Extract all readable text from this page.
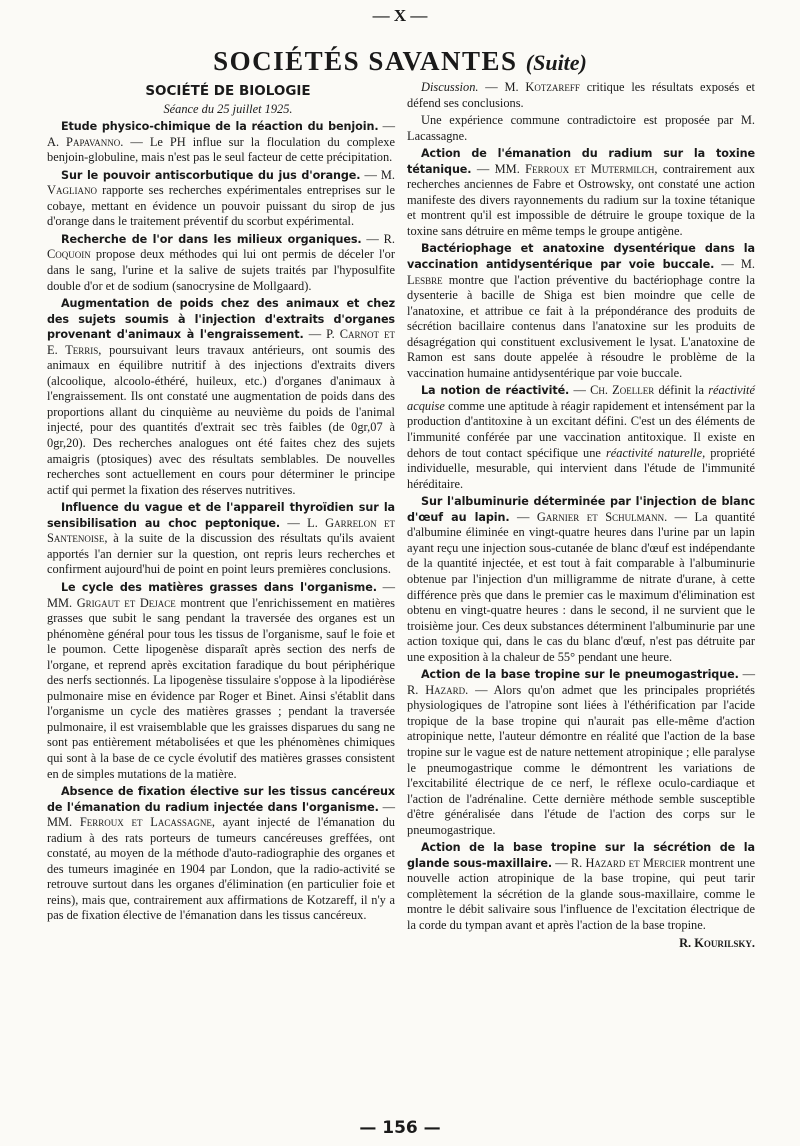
— X —
SOCIÉTÉS SAVANTES (Suite)

SOCIÉTÉ DE BIOLOGIE

Séance du 25 juillet 1925.

Etude physico-chimique de la réaction du benjoin. — A. Papavanno. — Le PH influe sur la floculation du complexe benjoin-globuline, mais n'est pas le seul facteur de cette précipitation.

Sur le pouvoir antiscorbutique du jus d'orange. — M. Vagliano rapporte ses recherches expérimentales entreprises sur le cobaye, mettant en évidence un pouvoir puissant du sirop de jus d'orange dans le traitement préventif du scorbut expérimental.

Recherche de l'or dans les milieux organiques. — R. Coquoin propose deux méthodes qui lui ont permis de déceler l'or dans le sang, l'urine et la salive de sujets traités par l'hyposulfite double d'or et de sodium (sanocrysine de Mollgaard).

Augmentation de poids chez des animaux et chez des sujets soumis à l'injection d'extraits d'organes provenant d'animaux à l'engraissement. — P. Carnot et E. Terris, poursuivant leurs travaux antérieurs, ont soumis des animaux en équilibre nutritif à des injections d'extraits divers (alcoolique, alcoolo-éthéré, huileux, etc.) d'organes d'animaux à l'engraissement. Ils ont constaté une augmentation de poids dans des proportions allant du cinquième au neuvième du poids de l'animal injecté, pour des quantités d'extrait sec très faibles (de 0gr,07 à 0gr,20). Des recherches analogues ont été faites chez des sujets amaigris (ptosiques) avec des résultats semblables. De nouvelles recherches sont actuellement en cours pour déterminer le principe actif qui permet la fixation des réserves nutritives.

Influence du vague et de l'appareil thyroïdien sur la sensibilisation au choc peptonique. — L. Garrelon et Santenoise, à la suite de la discussion des résultats qu'ils avaient apportés l'an dernier sur la question, ont repris leurs recherches et confirment aujourd'hui de point en point leurs premières conclusions.

Le cycle des matières grasses dans l'organisme. — MM. Grigaut et Dejace montrent que l'enrichissement en matières grasses que subit le sang pendant la traversée des organes est un phénomène général pour tous les tissus de l'organisme, sauf le foie et le poumon. Cette lipogenèse disparaît après section des nerfs de l'organe, et reprend après excitation faradique du bout périphérique des nerfs sectionnés. La lipogenèse tissulaire s'oppose à la lipodiérèse pulmonaire mise en évidence par Roger et Binet. Ainsi s'établit dans l'organisme un cycle des matières grasses ; pendant la traversée pulmonaire, il est vraisemblable que les graisses disparues du sang ne sont pas entièrement métabolisées et que les phénomènes chimiques qui sont à la base de ce cycle évolutif des matières grasses consistent en de simples mutations de la matière.

Absence de fixation élective sur les tissus cancéreux de l'émanation du radium injectée dans l'organisme. — MM. Ferroux et Lacassagne, ayant injecté de l'émanation du radium à des rats porteurs de tumeurs cancéreuses greffées, ont constaté, au moyen de la méthode d'auto-radiographie des organes et des tumeurs imaginée en 1904 par London, que la radio-activité se retrouve surtout dans les organes d'élimination (en particulier foie et reins), mais que, contrairement aux affirmations de Kotzareff, il n'y a pas de fixation élective de l'émanation dans les tissus cancéreux.

Discussion. — M. Kotzareff critique les résultats exposés et défend ses conclusions.

Une expérience commune contradictoire est proposée par M. Lacassagne.

Action de l'émanation du radium sur la toxine tétanique. — MM. Ferroux et Mutermilch, contrairement aux recherches anciennes de Fabre et Ostrowsky, ont constaté une action manifeste des divers rayonnements du radium sur la toxine tétanique et montrent qu'il est impossible de détruire le groupe toxique de la toxine sans détruire en même temps le groupe antigène.

Bactériophage et anatoxine dysentérique dans la vaccination antidysentérique par voie buccale. — M. Lesbre montre que l'action préventive du bactériophage contre la dysenterie à bacille de Shiga est bien moindre que celle de l'anatoxine, et attribue ce fait à la prépondérance des produits de sécrétion bacillaire contenus dans l'anatoxine sur les produits de désagrégation qui constituent exclusivement le lysat. L'anatoxine de Ramon est sans doute appelée à résoudre le problème de la vaccination humaine antidysentérique par voie buccale.

La notion de réactivité. — Ch. Zoeller définit la réactivité acquise comme une aptitude à réagir rapidement et intensément par la production d'antitoxine à un excitant défini. C'est un des éléments de l'immunité conférée par une vaccination antitoxique. Il existe en dehors de tout contact spécifique une réactivité naturelle, propriété individuelle, mesurable, qui intervient dans l'étude de l'immunité héréditaire.

Sur l'albuminurie déterminée par l'injection de blanc d'œuf au lapin. — Garnier et Schulmann. — La quantité d'albumine éliminée en vingt-quatre heures dans l'urine par un lapin ayant reçu une injection sous-cutanée de blanc d'œuf est indépendante de la quantité injectée, et est tout à fait comparable à l'albuminurie obtenue par l'injection d'un milligramme de nitrate d'urane, à cette différence près que dans le premier cas le maximum d'élimination est obtenu en vingt-quatre heures : dans le second, il ne survient que le troisième jour. Ces deux substances déterminent l'albuminurie par une action toxique qui, dans le cas du blanc d'œuf, n'est pas détruite par une exposition à la chaleur de 55° pendant une heure.

Action de la base tropine sur le pneumogastrique. — R. Hazard. — Alors qu'on admet que les principales propriétés physiologiques de l'atropine sont liées à l'éthérification par l'acide tropique de la base tropine qui n'aurait pas elle-même d'action atropinique nette, l'auteur démontre en réalité que l'action de la base tropine sur le vague est de nature nettement atropinique ; elle paralyse le pneumogastrique comme le démontrent les variations de l'excitabilité électrique de ce nerf, le réflexe oculo-cardiaque et l'action de l'adrénaline. Cette dernière méthode semble susceptible d'être généralisée dans l'étude de l'action des corps sur le pneumogastrique.

Action de la base tropine sur la sécrétion de la glande sous-maxillaire. — R. Hazard et Mercier montrent une nouvelle action atropinique de la base tropine, qui peut tarir complètement la sécrétion de la glande sous-maxillaire, comme le montre le débit salivaire sous l'influence de l'excitation électrique de la corde du tympan avant et après l'action de la base tropine.

R. Kourilsky.

— 156 —
